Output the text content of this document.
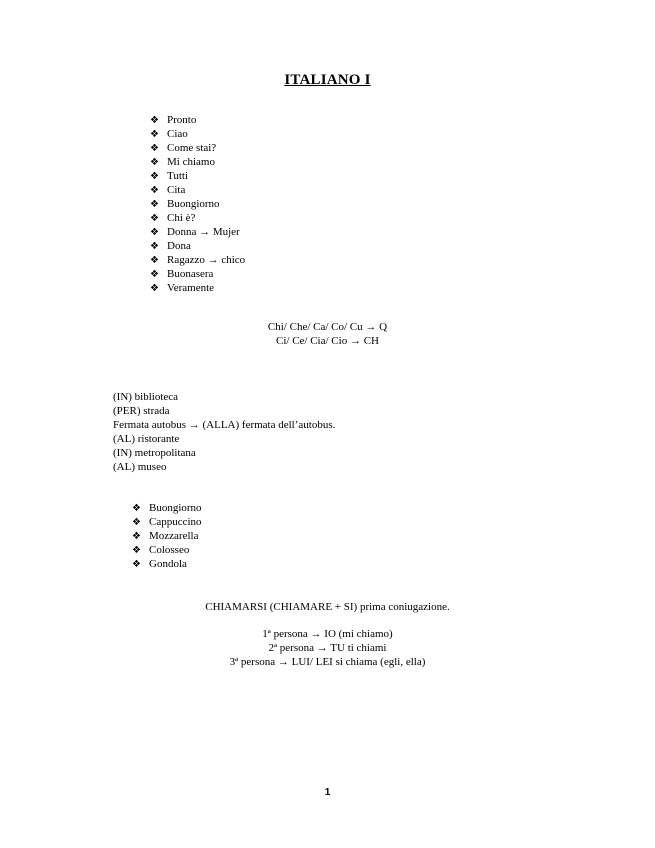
ITALIANO I
❖ Pronto
❖ Ciao
❖ Come stai?
❖ Mi chiamo
❖ Tutti
❖ Cita
❖ Buongiorno
❖ Chi è?
❖ Donna → Mujer
❖ Dona
❖ Ragazzo → chico
❖ Buonasera
❖ Veramente
Chi/ Che/ Ca/ Co/ Cu → Q
Ci/ Ce/ Cia/ Cio → CH
(IN) biblioteca
(PER) strada
Fermata autobus → (ALLA) fermata dell’autobus.
(AL) ristorante
(IN) metropolitana
(AL) museo
❖ Buongiorno
❖ Cappuccino
❖ Mozzarella
❖ Colosseo
❖ Gondola
CHIAMARSI (CHIAMARE + SI) prima coniugazione.
1ª persona → IO (mi chiamo)
2ª persona → TU ti chiami
3ª persona → LUI/ LEI si chiama (egli, ella)
1
